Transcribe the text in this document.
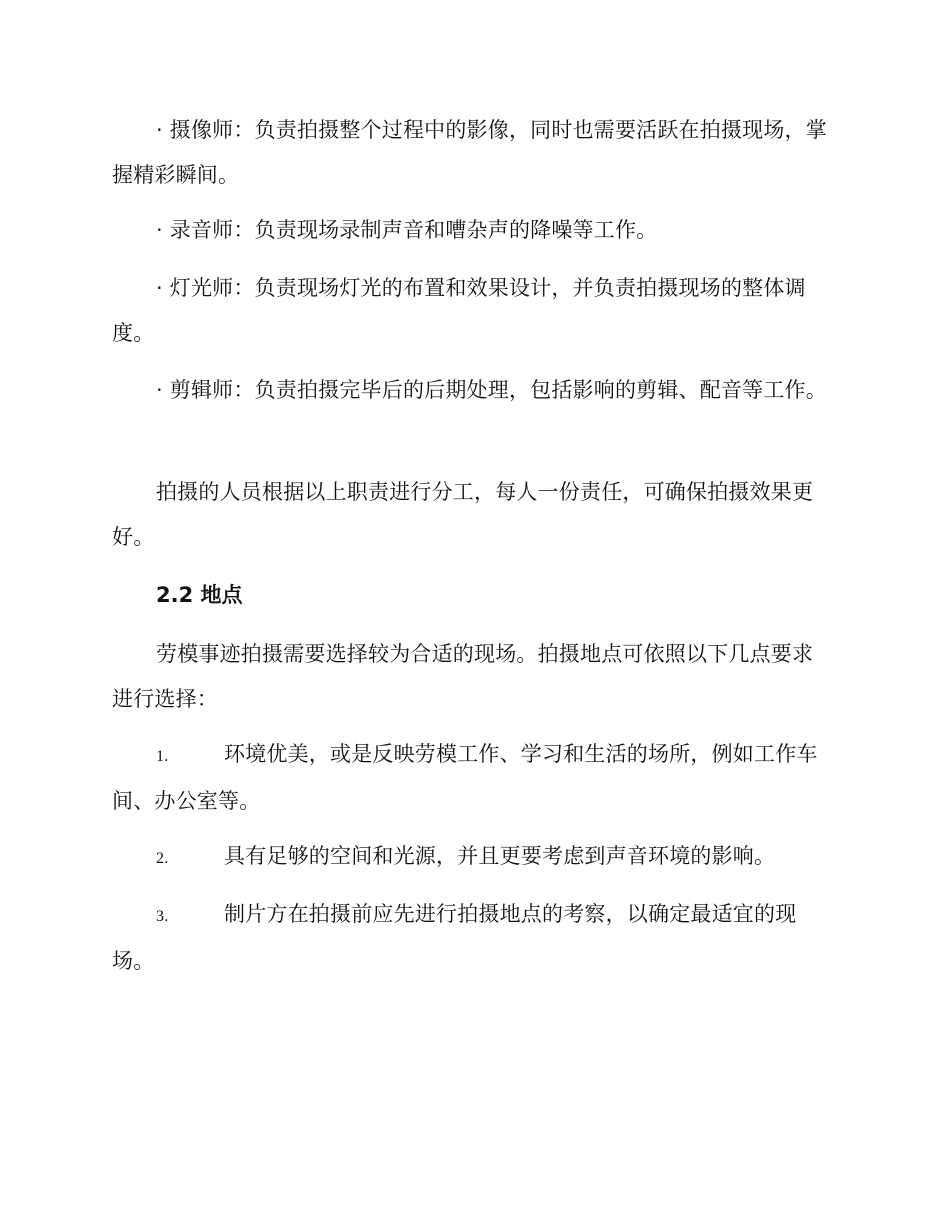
· 摄像师：负责拍摄整个过程中的影像，同时也需要活跃在拍摄现场，掌握精彩瞬间。

· 录音师：负责现场录制声音和嘈杂声的降噪等工作。

· 灯光师：负责现场灯光的布置和效果设计，并负责拍摄现场的整体调度。

· 剪辑师：负责拍摄完毕后的后期处理，包括影响的剪辑、配音等工作。

拍摄的人员根据以上职责进行分工，每人一份责任，可确保拍摄效果更好。

2.2 地点

劳模事迹拍摄需要选择较为合适的现场。拍摄地点可依照以下几点要求进行选择：

1.	环境优美，或是反映劳模工作、学习和生活的场所，例如工作车间、办公室等。

2.	具有足够的空间和光源，并且更要考虑到声音环境的影响。

3.	制片方在拍摄前应先进行拍摄地点的考察，以确定最适宜的现场。
